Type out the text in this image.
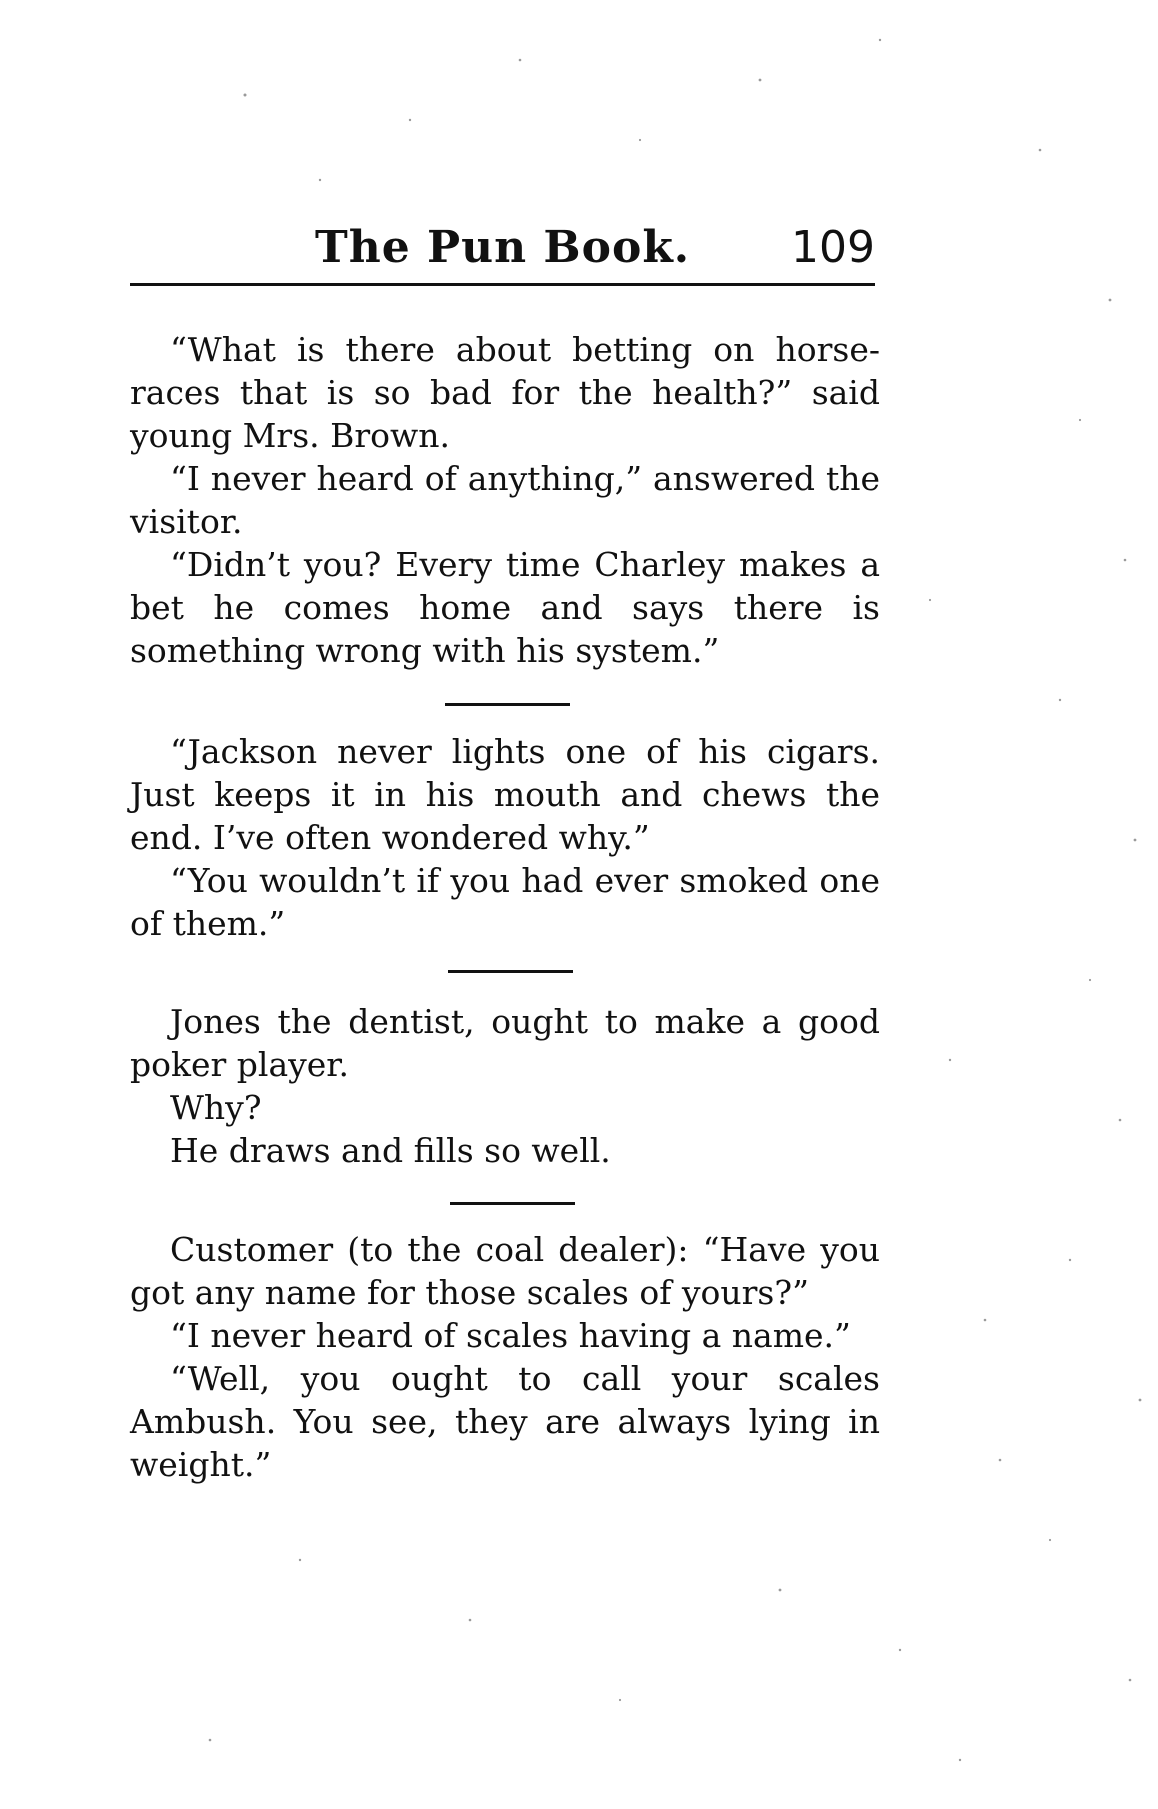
The Pun Book. 109

“What is there about betting on horse-races that is so bad for the health?” said young Mrs. Brown.

“I never heard of anything,” answered the visitor.

“Didn’t you? Every time Charley makes a bet he comes home and says there is something wrong with his system.”

“Jackson never lights one of his cigars. Just keeps it in his mouth and chews the end. I’ve often wondered why.”

“You wouldn’t if you had ever smoked one of them.”

Jones the dentist, ought to make a good poker player.

Why?

He draws and fills so well.

Customer (to the coal dealer): “Have you got any name for those scales of yours?”

“I never heard of scales having a name.”

“Well, you ought to call your scales Ambush. You see, they are always lying in weight.”
